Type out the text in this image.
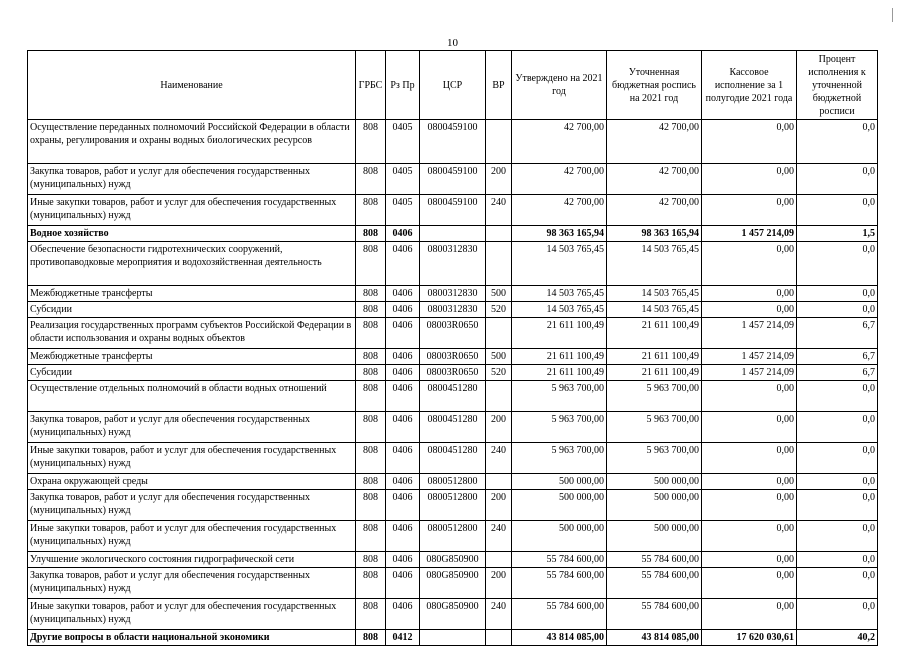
10
Наименование	ГРБС	Рз Пр	ЦСР	ВР	Утверждено на 2021 год	Уточненная бюджетная роспись на 2021 год	Кассовое исполнение за 1 полугодие 2021 года	Процент исполнения к уточненной бюджетной росписи
Осуществление переданных полномочий Российской Федерации в области охраны, регулирования и охраны водных биологических ресурсов	808	0405	0800459100		42 700,00	42 700,00	0,00	0,0
Закупка товаров, работ и услуг для обеспечения государственных (муниципальных) нужд	808	0405	0800459100	200	42 700,00	42 700,00	0,00	0,0
Иные закупки товаров, работ и услуг для обеспечения государственных (муниципальных) нужд	808	0405	0800459100	240	42 700,00	42 700,00	0,00	0,0
Водное хозяйство	808	0406			98 363 165,94	98 363 165,94	1 457 214,09	1,5
Обеспечение безопасности гидротехнических сооружений, противопаводковые мероприятия и водохозяйственная деятельность	808	0406	0800312830		14 503 765,45	14 503 765,45	0,00	0,0
Межбюджетные трансферты	808	0406	0800312830	500	14 503 765,45	14 503 765,45	0,00	0,0
Субсидии	808	0406	0800312830	520	14 503 765,45	14 503 765,45	0,00	0,0
Реализация государственных программ субъектов Российской Федерации в области использования и охраны водных объектов	808	0406	08003R0650		21 611 100,49	21 611 100,49	1 457 214,09	6,7
Межбюджетные трансферты	808	0406	08003R0650	500	21 611 100,49	21 611 100,49	1 457 214,09	6,7
Субсидии	808	0406	08003R0650	520	21 611 100,49	21 611 100,49	1 457 214,09	6,7
Осуществление отдельных полномочий в области водных отношений	808	0406	0800451280		5 963 700,00	5 963 700,00	0,00	0,0
Закупка товаров, работ и услуг для обеспечения государственных (муниципальных) нужд	808	0406	0800451280	200	5 963 700,00	5 963 700,00	0,00	0,0
Иные закупки товаров, работ и услуг для обеспечения государственных (муниципальных) нужд	808	0406	0800451280	240	5 963 700,00	5 963 700,00	0,00	0,0
Охрана окружающей среды	808	0406	0800512800		500 000,00	500 000,00	0,00	0,0
Закупка товаров, работ и услуг для обеспечения государственных (муниципальных) нужд	808	0406	0800512800	200	500 000,00	500 000,00	0,00	0,0
Иные закупки товаров, работ и услуг для обеспечения государственных (муниципальных) нужд	808	0406	0800512800	240	500 000,00	500 000,00	0,00	0,0
Улучшение экологического состояния гидрографической сети	808	0406	080G850900		55 784 600,00	55 784 600,00	0,00	0,0
Закупка товаров, работ и услуг для обеспечения государственных (муниципальных) нужд	808	0406	080G850900	200	55 784 600,00	55 784 600,00	0,00	0,0
Иные закупки товаров, работ и услуг для обеспечения государственных (муниципальных) нужд	808	0406	080G850900	240	55 784 600,00	55 784 600,00	0,00	0,0
Другие вопросы в области национальной экономики	808	0412			43 814 085,00	43 814 085,00	17 620 030,61	40,2
